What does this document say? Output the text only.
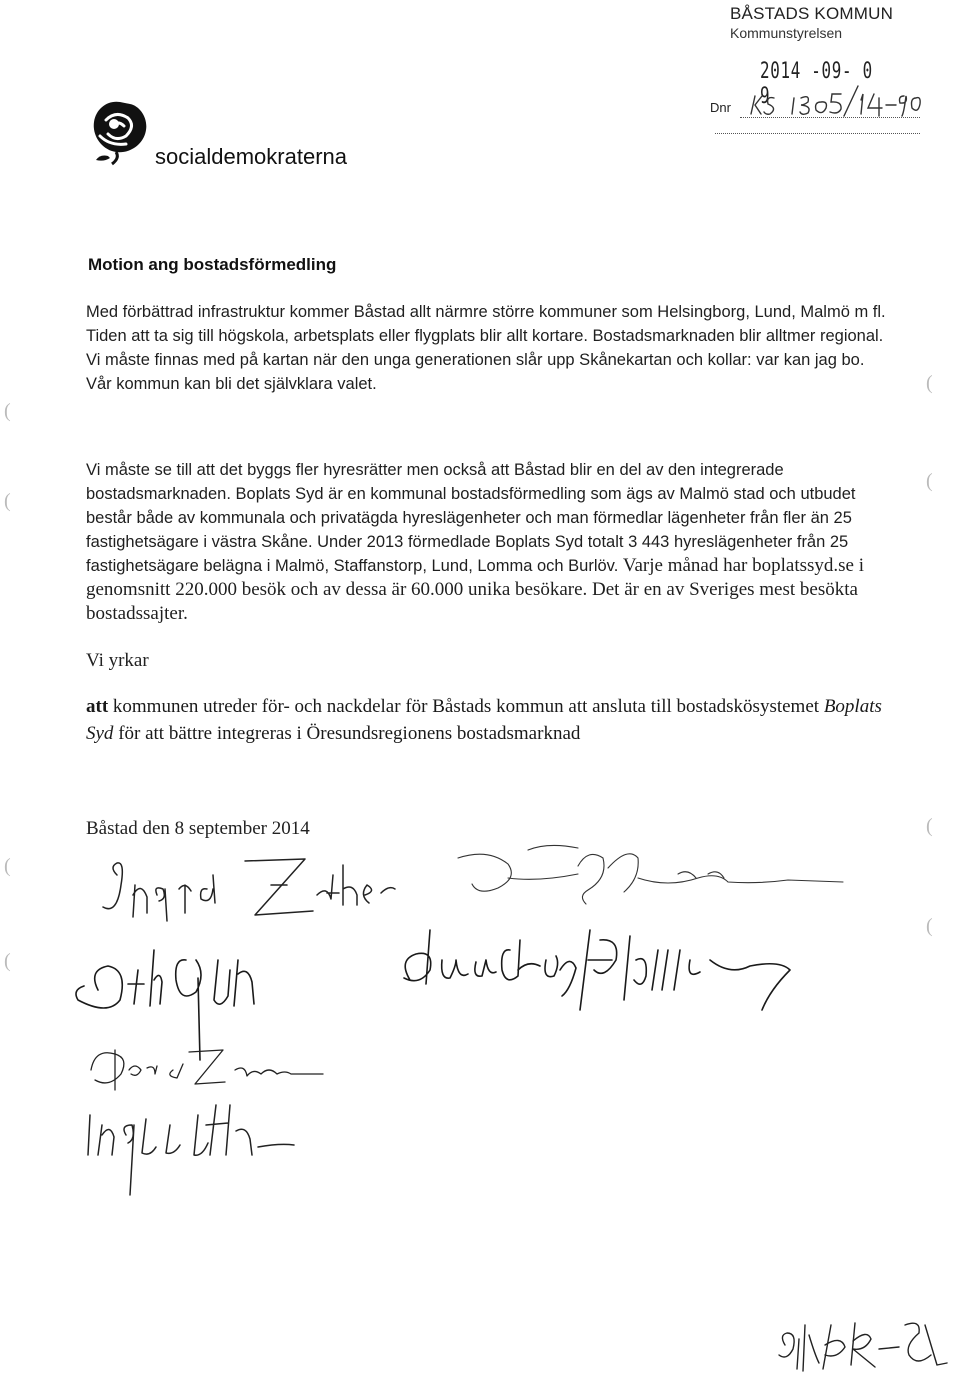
BÅSTADS KOMMUN
Kommunstyrelsen
2014 -09- 0 9
Dnr
socialdemokraterna
Motion ang bostadsförmedling
Med förbättrad infrastruktur kommer Båstad allt närmre större kommuner som Helsingborg, Lund, Malmö m fl. Tiden att ta sig till högskola, arbetsplats eller flygplats blir allt kortare. Bostadsmarknaden blir alltmer regional. Vi måste finnas med på kartan när den unga generationen slår upp Skånekartan och kollar: var kan jag bo. Vår kommun kan bli det självklara valet.
Vi måste se till att det byggs fler hyresrätter men också att Båstad blir en del av den integrerade bostadsmarknaden. Boplats Syd är en kommunal bostadsförmedling som ägs av Malmö stad och utbudet består både av kommunala och privatägda hyreslägenheter och man förmedlar lägenheter från fler än 25 fastighetsägare i västra Skåne. Under 2013 förmedlade Boplats Syd totalt 3 443 hyreslägenheter från 25 fastighetsägare belägna i Malmö, Staffanstorp, Lund, Lomma och Burlöv. Varje månad har boplatssyd.se i genomsnitt 220.000 besök och av dessa är 60.000 unika besökare. Det är en av Sveriges mest besökta bostadssajter.
Vi yrkar
att kommunen utreder för- och nackdelar för Båstads kommun att ansluta till bostadskösystemet Boplats Syd för att bättre integreras i Öresundsregionens bostadsmarknad
Båstad den 8 september 2014
(
(
(
(
(
(
(
(
